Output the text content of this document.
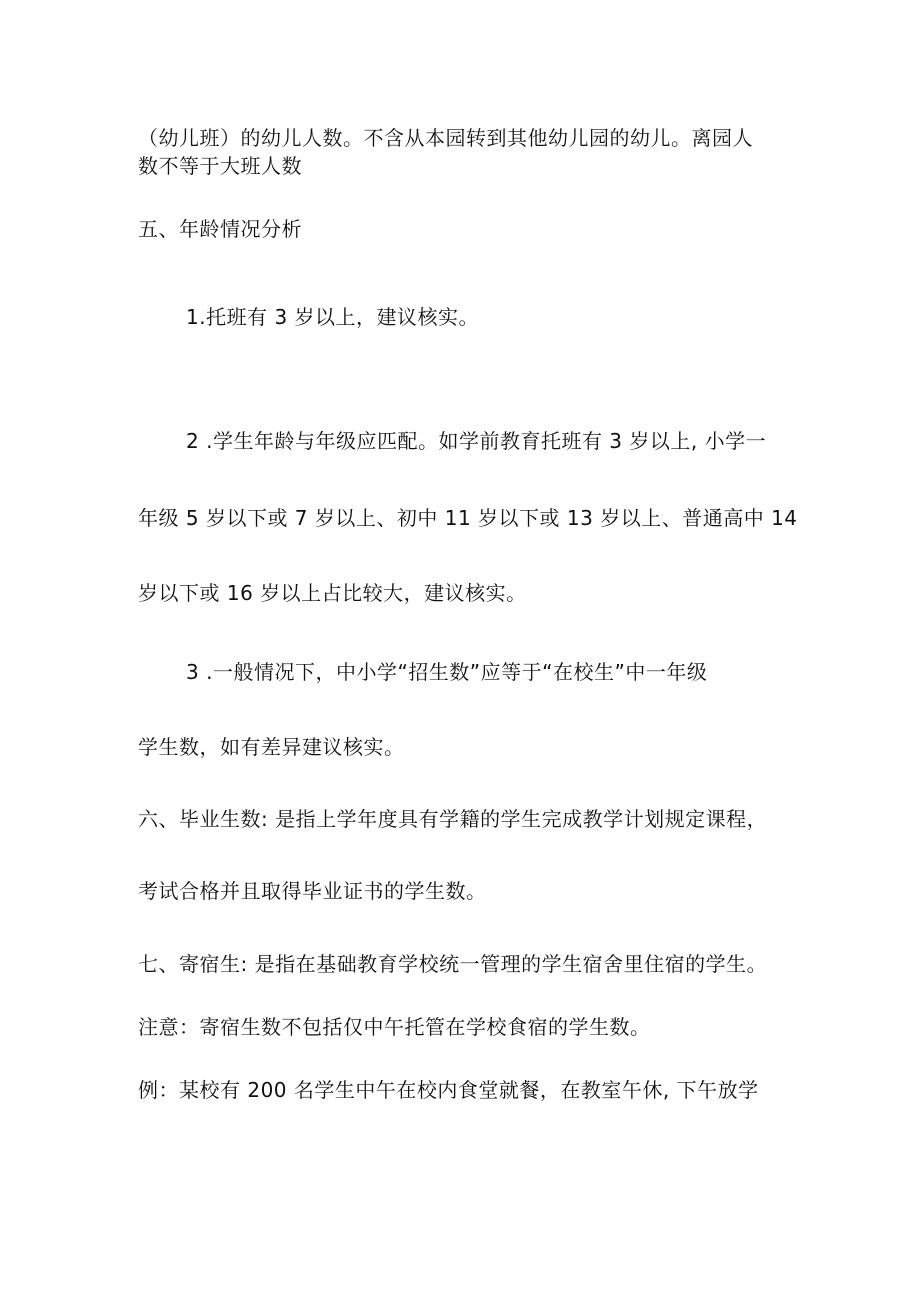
（幼儿班）的幼儿人数。不含从本园转到其他幼儿园的幼儿。离园人
数不等于大班人数
五、年龄情况分析
1.托班有 3 岁以上，建议核实。
2 .学生年龄与年级应匹配。如学前教育托班有 3 岁以上, 小学一
年级 5 岁以下或 7 岁以上、初中 11 岁以下或 13 岁以上、普通高中 14
岁以下或 16 岁以上占比较大，建议核实。
3 .一般情况下，中小学“招生数”应等于“在校生”中一年级
学生数，如有差异建议核实。
六、毕业生数: 是指上学年度具有学籍的学生完成教学计划规定课程，
考试合格并且取得毕业证书的学生数。
七、寄宿生: 是指在基础教育学校统一管理的学生宿舍里住宿的学生。
注意：寄宿生数不包括仅中午托管在学校食宿的学生数。
例：某校有 200 名学生中午在校内食堂就餐，在教室午休, 下午放学
